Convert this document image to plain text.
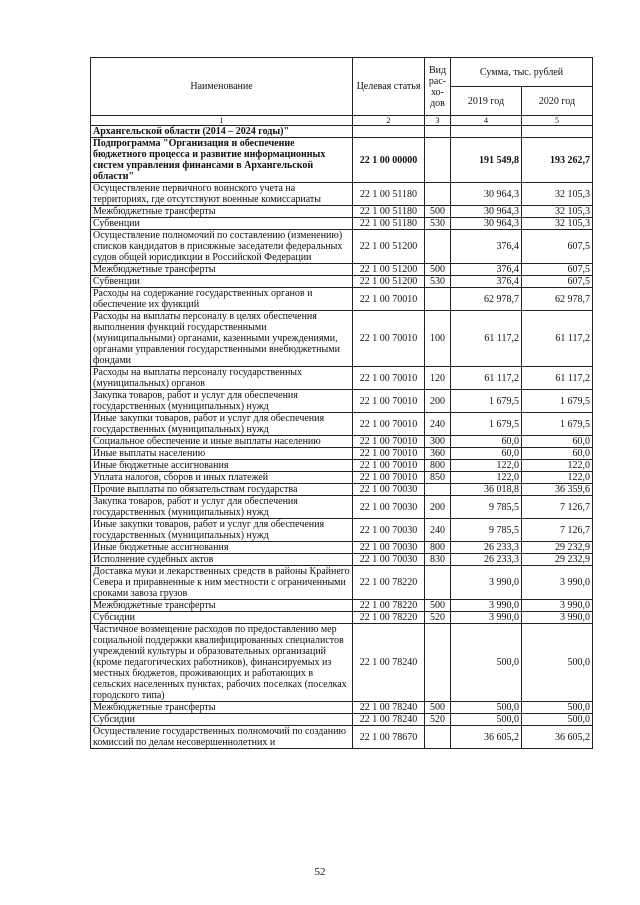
Наименование	Целевая статья	Вид рас-хо-дов	Сумма, тыс. рублей	
			2019 год	2020 год
1	2	3	4	5
Архангельской области (2014 – 2024 годы)"				
Подпрограмма "Организация и обеспечение бюджетного процесса и развитие информационных систем управления финансами в Архангельской области"	22 1 00 00000		191 549,8	193 262,7
Осуществление первичного воинского учета на территориях, где отсутствуют военные комиссариаты	22 1 00 51180		30 964,3	32 105,3
Межбюджетные трансферты	22 1 00 51180	500	30 964,3	32 105,3
Субвенции	22 1 00 51180	530	30 964,3	32 105,3
Осуществление полномочий по составлению (изменению) списков кандидатов в присяжные заседатели федеральных судов общей юрисдикции в Российской Федерации	22 1 00 51200		376,4	607,5
Межбюджетные трансферты	22 1 00 51200	500	376,4	607,5
Субвенции	22 1 00 51200	530	376,4	607,5
Расходы на содержание государственных органов и обеспечение их функций	22 1 00 70010		62 978,7	62 978,7
Расходы на выплаты персоналу в целях обеспечения выполнения функций государственными (муниципальными) органами, казенными учреждениями, органами управления государственными внебюджетными фондами	22 1 00 70010	100	61 117,2	61 117,2
Расходы на выплаты персоналу государственных (муниципальных) органов	22 1 00 70010	120	61 117,2	61 117,2
Закупка товаров, работ и услуг для обеспечения государственных (муниципальных) нужд	22 1 00 70010	200	1 679,5	1 679,5
Иные закупки товаров, работ и услуг для обеспечения государственных (муниципальных) нужд	22 1 00 70010	240	1 679,5	1 679,5
Социальное обеспечение и иные выплаты населению	22 1 00 70010	300	60,0	60,0
Иные выплаты населению	22 1 00 70010	360	60,0	60,0
Иные бюджетные ассигнования	22 1 00 70010	800	122,0	122,0
Уплата налогов, сборов и иных платежей	22 1 00 70010	850	122,0	122,0
Прочие выплаты по обязательствам государства	22 1 00 70030		36 018,8	36 359,6
Закупка товаров, работ и услуг для обеспечения государственных (муниципальных) нужд	22 1 00 70030	200	9 785,5	7 126,7
Иные закупки товаров, работ и услуг для обеспечения государственных (муниципальных) нужд	22 1 00 70030	240	9 785,5	7 126,7
Иные бюджетные ассигнования	22 1 00 70030	800	26 233,3	29 232,9
Исполнение судебных актов	22 1 00 70030	830	26 233,3	29 232,9
Доставка муки и лекарственных средств в районы Крайнего Севера и приравненные к ним местности с ограниченными сроками завоза грузов	22 1 00 78220		3 990,0	3 990,0
Межбюджетные трансферты	22 1 00 78220	500	3 990,0	3 990,0
Субсидии	22 1 00 78220	520	3 990,0	3 990,0
Частичное возмещение расходов по предоставлению мер социальной поддержки квалифицированных специалистов учреждений культуры и образовательных организаций (кроме педагогических работников), финансируемых из местных бюджетов, проживающих и работающих в сельских населенных пунктах, рабочих поселках (поселках городского типа)	22 1 00 78240		500,0	500,0
Межбюджетные трансферты	22 1 00 78240	500	500,0	500,0
Субсидии	22 1 00 78240	520	500,0	500,0
Осуществление государственных полномочий по созданию комиссий по делам несовершеннолетних и	22 1 00 78670		36 605,2	36 605,2
52
